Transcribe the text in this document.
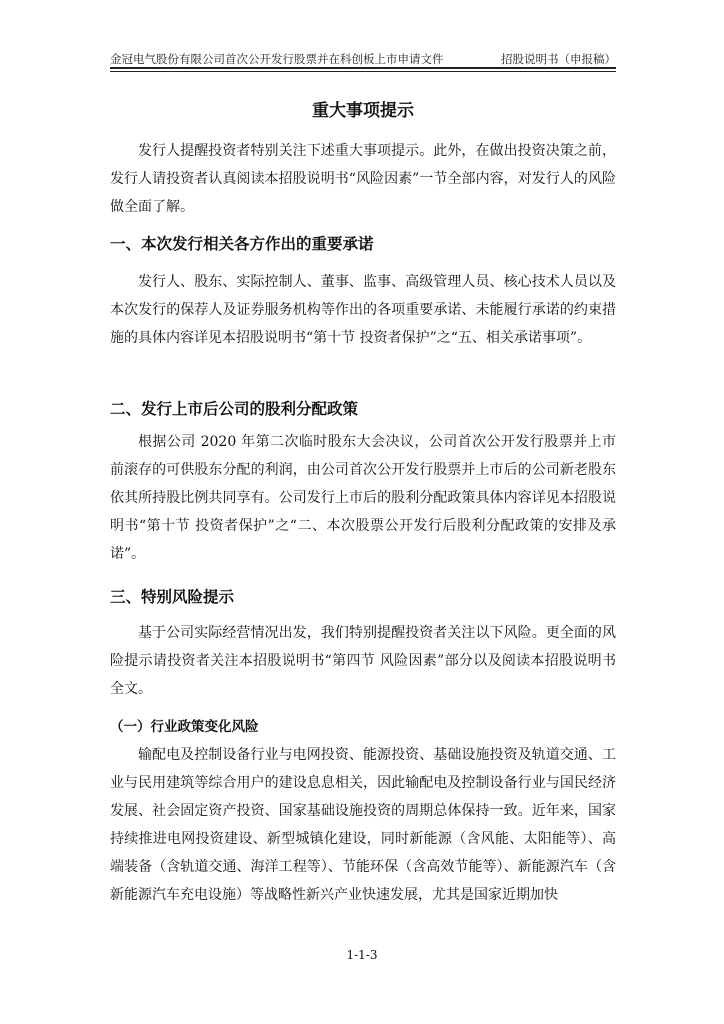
金冠电气股份有限公司首次公开发行股票并在科创板上市申请文件	招股说明书（申报稿）
重大事项提示

发行人提醒投资者特别关注下述重大事项提示。此外，在做出投资决策之前，发行人请投资者认真阅读本招股说明书“风险因素”一节全部内容，对发行人的风险做全面了解。

一、本次发行相关各方作出的重要承诺

发行人、股东、实际控制人、董事、监事、高级管理人员、核心技术人员以及本次发行的保荐人及证券服务机构等作出的各项重要承诺、未能履行承诺的约束措施的具体内容详见本招股说明书“第十节 投资者保护”之“五、相关承诺事项”。

二、发行上市后公司的股利分配政策

根据公司 2020 年第二次临时股东大会决议，公司首次公开发行股票并上市前滚存的可供股东分配的利润，由公司首次公开发行股票并上市后的公司新老股东依其所持股比例共同享有。公司发行上市后的股利分配政策具体内容详见本招股说明书“第十节 投资者保护”之“二、本次股票公开发行后股利分配政策的安排及承诺”。

三、特别风险提示

基于公司实际经营情况出发，我们特别提醒投资者关注以下风险。更全面的风险提示请投资者关注本招股说明书“第四节 风险因素”部分以及阅读本招股说明书全文。

（一）行业政策变化风险

输配电及控制设备行业与电网投资、能源投资、基础设施投资及轨道交通、工业与民用建筑等综合用户的建设息息相关，因此输配电及控制设备行业与国民经济发展、社会固定资产投资、国家基础设施投资的周期总体保持一致。近年来，国家持续推进电网投资建设、新型城镇化建设，同时新能源（含风能、太阳能等）、高端装备（含轨道交通、海洋工程等）、节能环保（含高效节能等）、新能源汽车（含新能源汽车充电设施）等战略性新兴产业快速发展，尤其是国家近期加快

1-1-3
